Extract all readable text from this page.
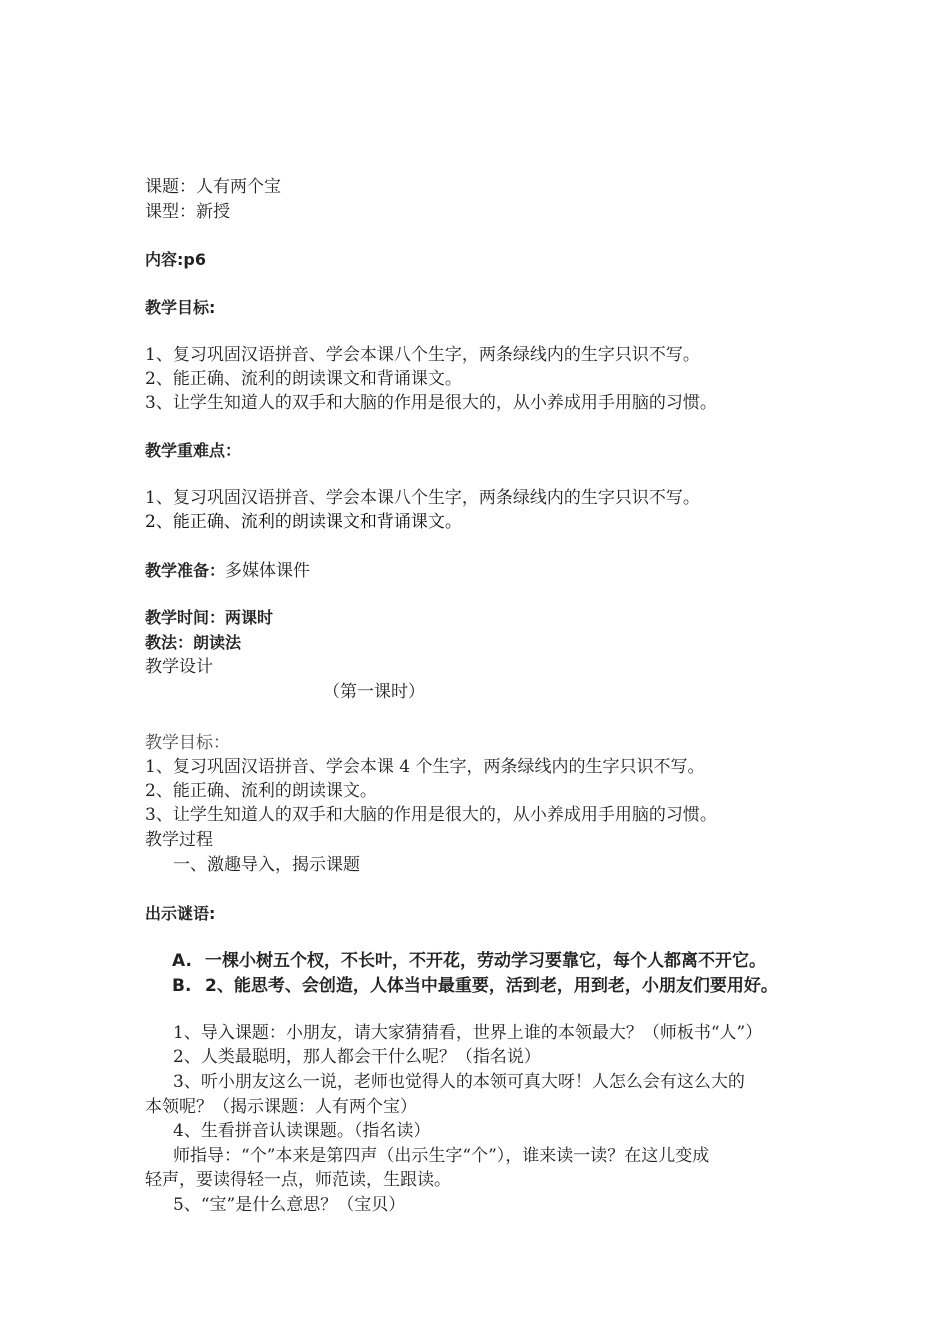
课题：人有两个宝
课型：新授
内容:p6
教学目标:
1、复习巩固汉语拼音、学会本课八个生字，两条绿线内的生字只识不写。
2、能正确、流利的朗读课文和背诵课文。
3、让学生知道人的双手和大脑的作用是很大的，从小养成用手用脑的习惯。
教学重难点：
1、复习巩固汉语拼音、学会本课八个生字，两条绿线内的生字只识不写。
2、能正确、流利的朗读课文和背诵课文。
教学准备：多媒体课件
教学时间：两课时
教法：朗读法
教学设计
（第一课时）
教学目标：
1、复习巩固汉语拼音、学会本课 4 个生字，两条绿线内的生字只识不写。
2、能正确、流利的朗读课文。
3、让学生知道人的双手和大脑的作用是很大的，从小养成用手用脑的习惯。
教学过程
一、激趣导入，揭示课题
出示谜语:
A. 一棵小树五个杈，不长叶，不开花，劳动学习要靠它，每个人都离不开它。
B. 2、能思考、会创造，人体当中最重要，活到老，用到老，小朋友们要用好。
1、导入课题：小朋友，请大家猜猜看，世界上谁的本领最大？（师板书“人”）
2、人类最聪明，那人都会干什么呢？（指名说）
3、听小朋友这么一说，老师也觉得人的本领可真大呀！人怎么会有这么大的
本领呢？（揭示课题：人有两个宝）
4、生看拼音认读课题。（指名读）
师指导：“个”本来是第四声（出示生字“个”），谁来读一读？在这儿变成
轻声，要读得轻一点，师范读，生跟读。
5、“宝”是什么意思？（宝贝）
